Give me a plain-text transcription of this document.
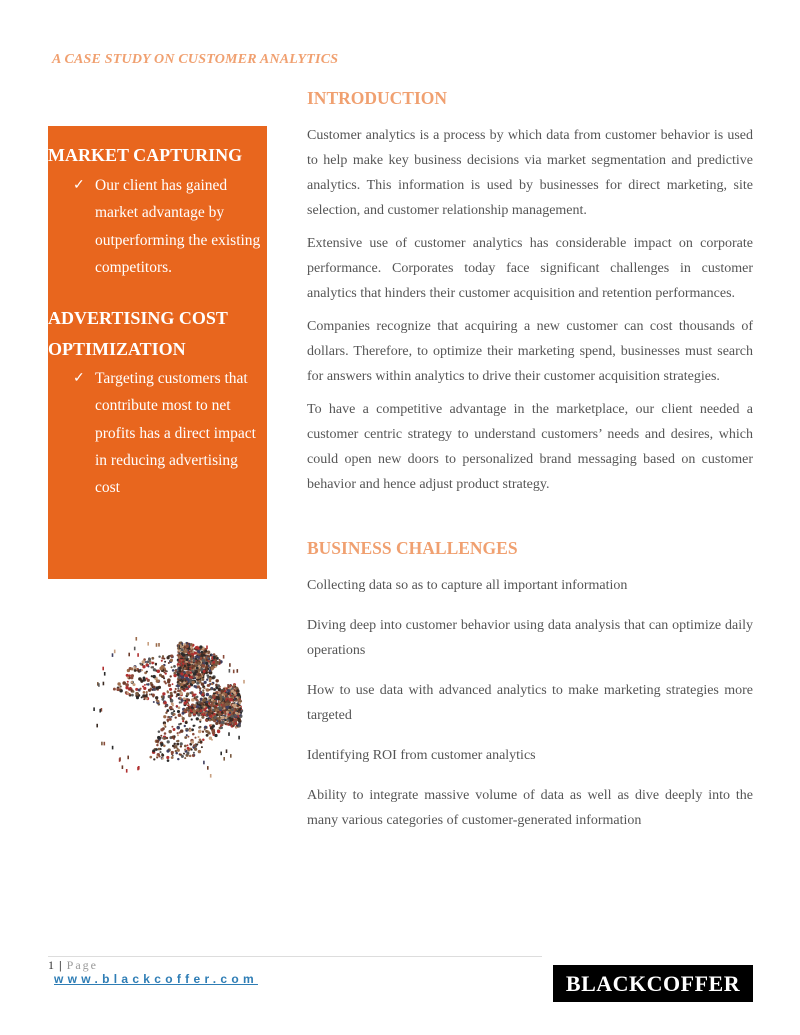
A CASE STUDY ON CUSTOMER ANALYTICS
MARKET CAPTURING
✓ Our client has gained market advantage by outperforming the existing competitors.
ADVERTISING COST OPTIMIZATION
✓ Targeting customers that contribute most to net profits has a direct impact in reducing advertising cost
INTRODUCTION

Customer analytics is a process by which data from customer behavior is used to help make key business decisions via market segmentation and predictive analytics. This information is used by businesses for direct marketing, site selection, and customer relationship management.

Extensive use of customer analytics has considerable impact on corporate performance. Corporates today face significant challenges in customer analytics that hinders their customer acquisition and retention performances.

Companies recognize that acquiring a new customer can cost thousands of dollars. Therefore, to optimize their marketing spend, businesses must search for answers within analytics to drive their customer acquisition strategies.

To have a competitive advantage in the marketplace, our client needed a customer centric strategy to understand customers’ needs and desires, which could open new doors to personalized brand messaging based on customer behavior and hence adjust product strategy.

BUSINESS CHALLENGES

Collecting data so as to capture all important information

Diving deep into customer behavior using data analysis that can optimize daily operations

How to use data with advanced analytics to make marketing strategies more targeted

Identifying ROI from customer analytics

Ability to integrate massive volume of data as well as dive deeply into the many various categories of customer-generated information

1 | Page
www.blackcoffer.com	BLACKCOFFER
